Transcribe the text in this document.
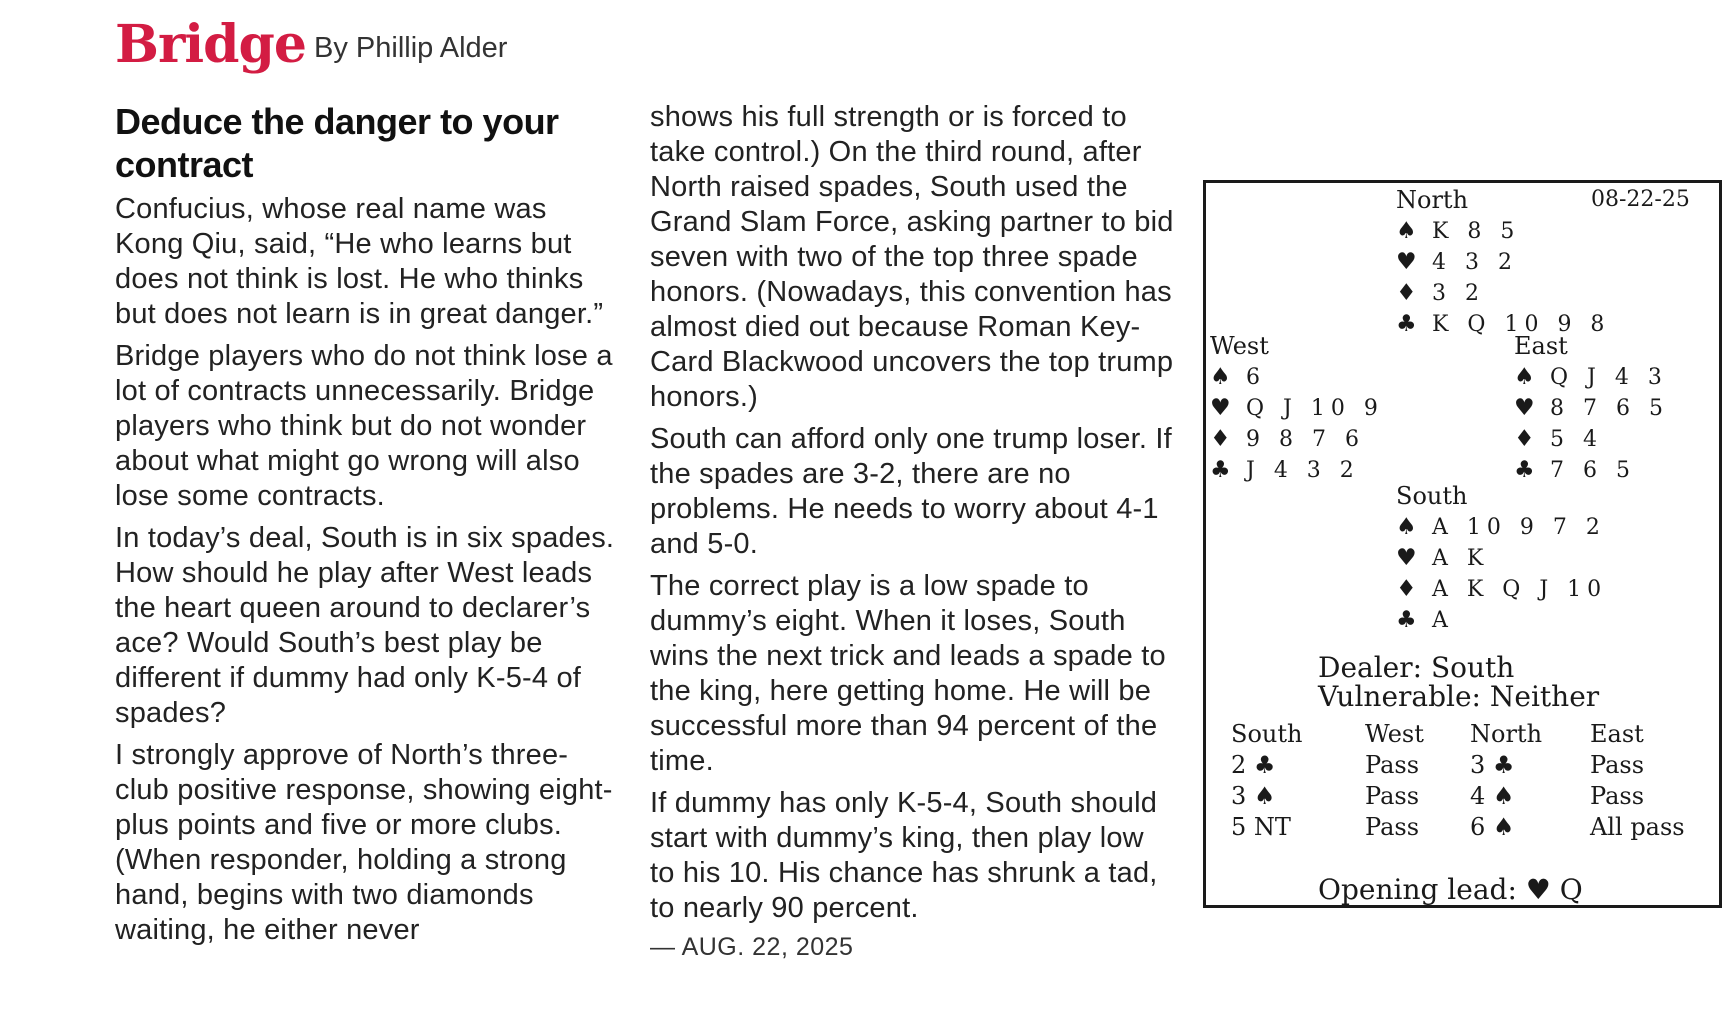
Bridge By Phillip Alder
Deduce the danger to your contract

Confucius, whose real name was Kong Qiu, said, “He who learns but does not think is lost. He who thinks but does not learn is in great danger.”

Bridge players who do not think lose a lot of contracts unnecessarily. Bridge players who think but do not wonder about what might go wrong will also lose some contracts.

In today’s deal, South is in six spades. How should he play after West leads the heart queen around to declarer’s ace? Would South’s best play be different if dummy had only K-5-4 of spades?

I strongly approve of North’s three-club positive response, showing eight-plus points and five or more clubs. (When responder, holding a strong hand, begins with two diamonds waiting, he either never

shows his full strength or is forced to take control.) On the third round, after North raised spades, South used the Grand Slam Force, asking partner to bid seven with two of the top three spade honors. (Nowadays, this convention has almost died out because Roman Key-Card Blackwood uncovers the top trump honors.)

South can afford only one trump loser. If the spades are 3-2, there are no problems. He needs to worry about 4-1 and 5-0.

The correct play is a low spade to dummy’s eight. When it loses, South wins the next trick and leads a spade to the king, here getting home. He will be successful more than 94 percent of the time.

If dummy has only K-5-4, South should start with dummy’s king, then play low to his 10. His chance has shrunk a tad, to nearly 90 percent.

— AUG. 22, 2025
08-22-25
North
♠ K 8 5
♥ 4 3 2
♦ 3 2
♣ K Q 10 9 8
West
♠ 6
♥ Q J 10 9
♦ 9 8 7 6
♣ J 4 3 2
East
♠ Q J 4 3
♥ 8 7 6 5
♦ 5 4
♣ 7 6 5
South
♠ A 10 9 7 2
♥ A K
♦ A K Q J 10
♣ A
Dealer: South
Vulnerable: Neither
South	West	North	East
2 ♣	Pass	3 ♣	Pass
3 ♠	Pass	4 ♠	Pass
5 NT	Pass	6 ♠	All pass
Opening lead: ♥ Q
